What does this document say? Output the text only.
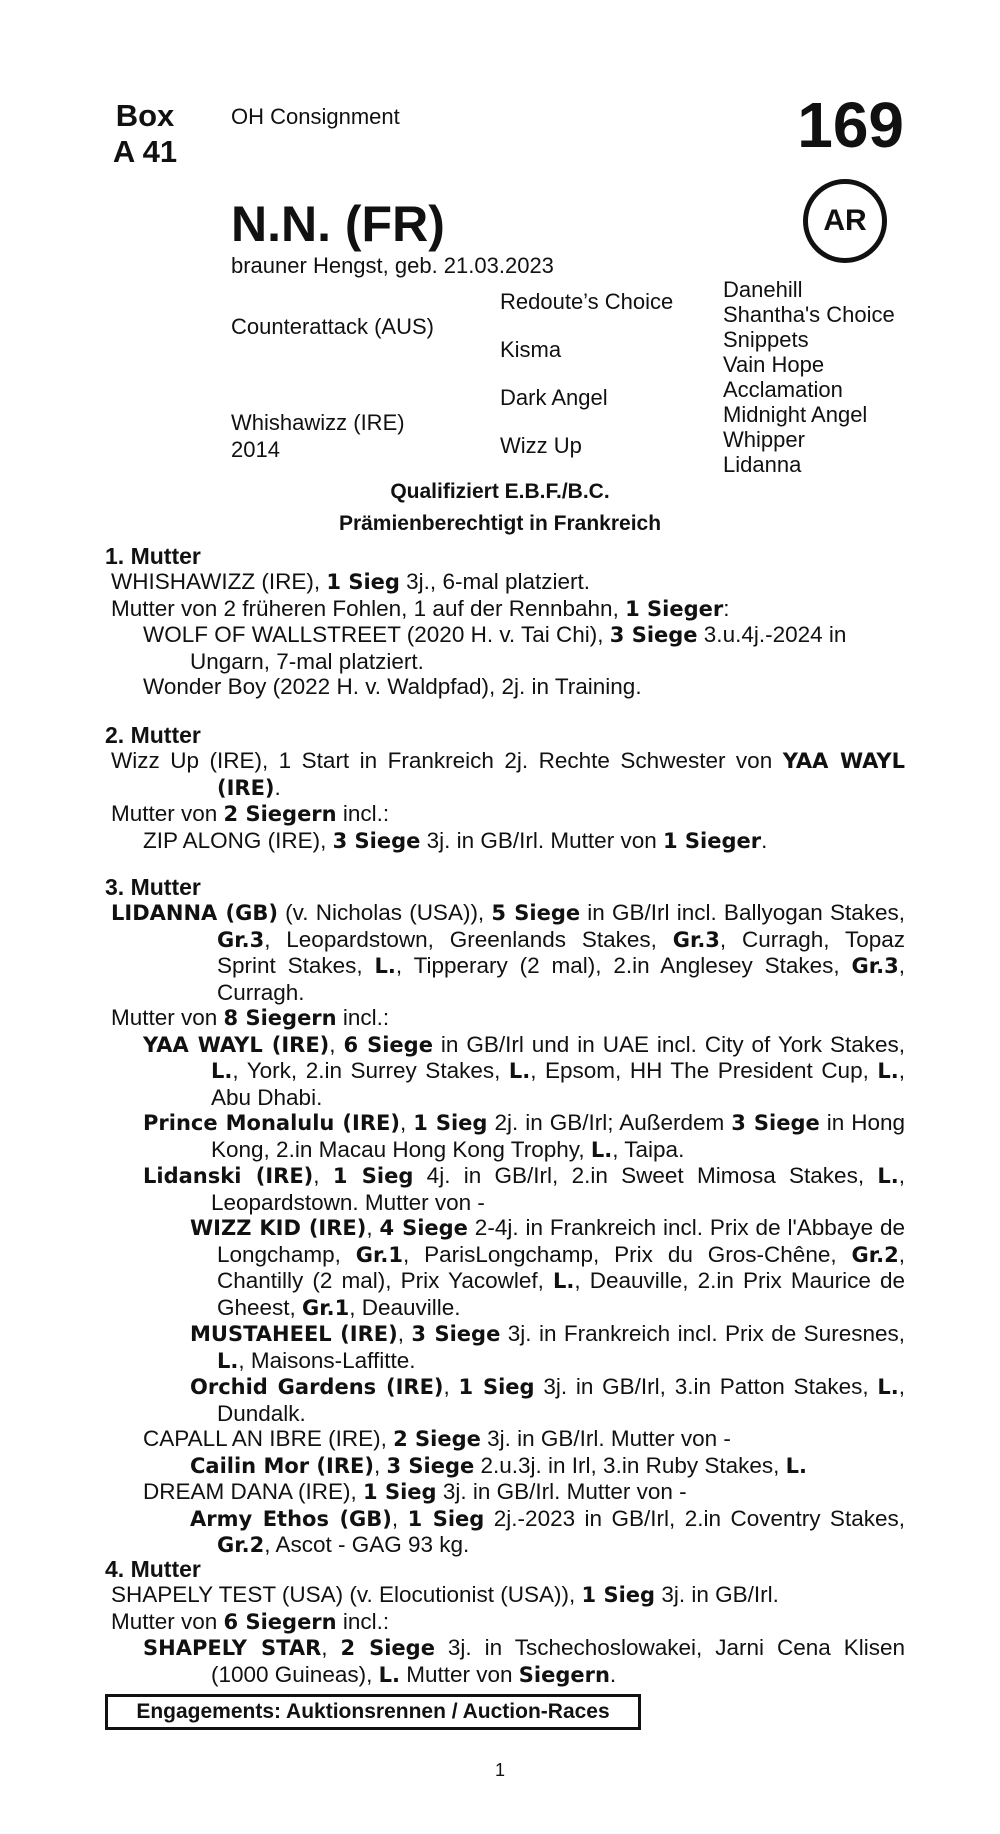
Box
A 41
OH Consignment	169
AR
N.N. (FR)
brauner Hengst, geb. 21.03.2023
Counterattack (AUS)
Whishawizz (IRE)
2014
Redoute’s Choice
Kisma
Dark Angel
Wizz Up
Danehill
Shantha's Choice
Snippets
Vain Hope
Acclamation
Midnight Angel
Whipper
Lidanna
Qualifiziert E.B.F./B.C.
Prämienberechtigt in Frankreich
1. Mutter

WHISHAWIZZ (IRE), 1 Sieg 3j., 6-mal platziert.

Mutter von 2 früheren Fohlen, 1 auf der Rennbahn, 1 Sieger:

WOLF OF WALLSTREET (2020 H. v. Tai Chi), 3 Siege 3.u.4j.-2024 in Ungarn, 7-mal platziert.

Wonder Boy (2022 H. v. Waldpfad), 2j. in Training.

2. Mutter

Wizz Up (IRE), 1 Start in Frankreich 2j. Rechte Schwester von YAA WAYL (IRE).

Mutter von 2 Siegern incl.:

ZIP ALONG (IRE), 3 Siege 3j. in GB/Irl. Mutter von 1 Sieger.

3. Mutter

LIDANNA (GB) (v. Nicholas (USA)), 5 Siege in GB/Irl incl. Ballyogan Stakes, Gr.3, Leopardstown, Greenlands Stakes, Gr.3, Curragh, Topaz Sprint Stakes, L., Tipperary (2 mal), 2.in Anglesey Stakes, Gr.3, Curragh.

Mutter von 8 Siegern incl.:

YAA WAYL (IRE), 6 Siege in GB/Irl und in UAE incl. City of York Stakes, L., York, 2.in Surrey Stakes, L., Epsom, HH The President Cup, L., Abu Dhabi.

Prince Monalulu (IRE), 1 Sieg 2j. in GB/Irl; Außerdem 3 Siege in Hong Kong, 2.in Macau Hong Kong Trophy, L., Taipa.

Lidanski (IRE), 1 Sieg 4j. in GB/Irl, 2.in Sweet Mimosa Stakes, L., Leopardstown. Mutter von -

WIZZ KID (IRE), 4 Siege 2-4j. in Frankreich incl. Prix de l'Abbaye de Longchamp, Gr.1, ParisLongchamp, Prix du Gros-Chêne, Gr.2, Chantilly (2 mal), Prix Yacowlef, L., Deauville, 2.in Prix Maurice de Gheest, Gr.1, Deauville.

MUSTAHEEL (IRE), 3 Siege 3j. in Frankreich incl. Prix de Suresnes, L., Maisons-Laffitte.

Orchid Gardens (IRE), 1 Sieg 3j. in GB/Irl, 3.in Patton Stakes, L., Dundalk.

CAPALL AN IBRE (IRE), 2 Siege 3j. in GB/Irl. Mutter von -

Cailin Mor (IRE), 3 Siege 2.u.3j. in Irl, 3.in Ruby Stakes, L.

DREAM DANA (IRE), 1 Sieg 3j. in GB/Irl. Mutter von -

Army Ethos (GB), 1 Sieg 2j.-2023 in GB/Irl, 2.in Coventry Stakes, Gr.2, Ascot - GAG 93 kg.

4. Mutter

SHAPELY TEST (USA) (v. Elocutionist (USA)), 1 Sieg 3j. in GB/Irl.

Mutter von 6 Siegern incl.:

SHAPELY STAR, 2 Siege 3j. in Tschechoslowakei, Jarni Cena Klisen (1000 Guineas), L. Mutter von Siegern.

Engagements: Auktionsrennen / Auction-Races
1
